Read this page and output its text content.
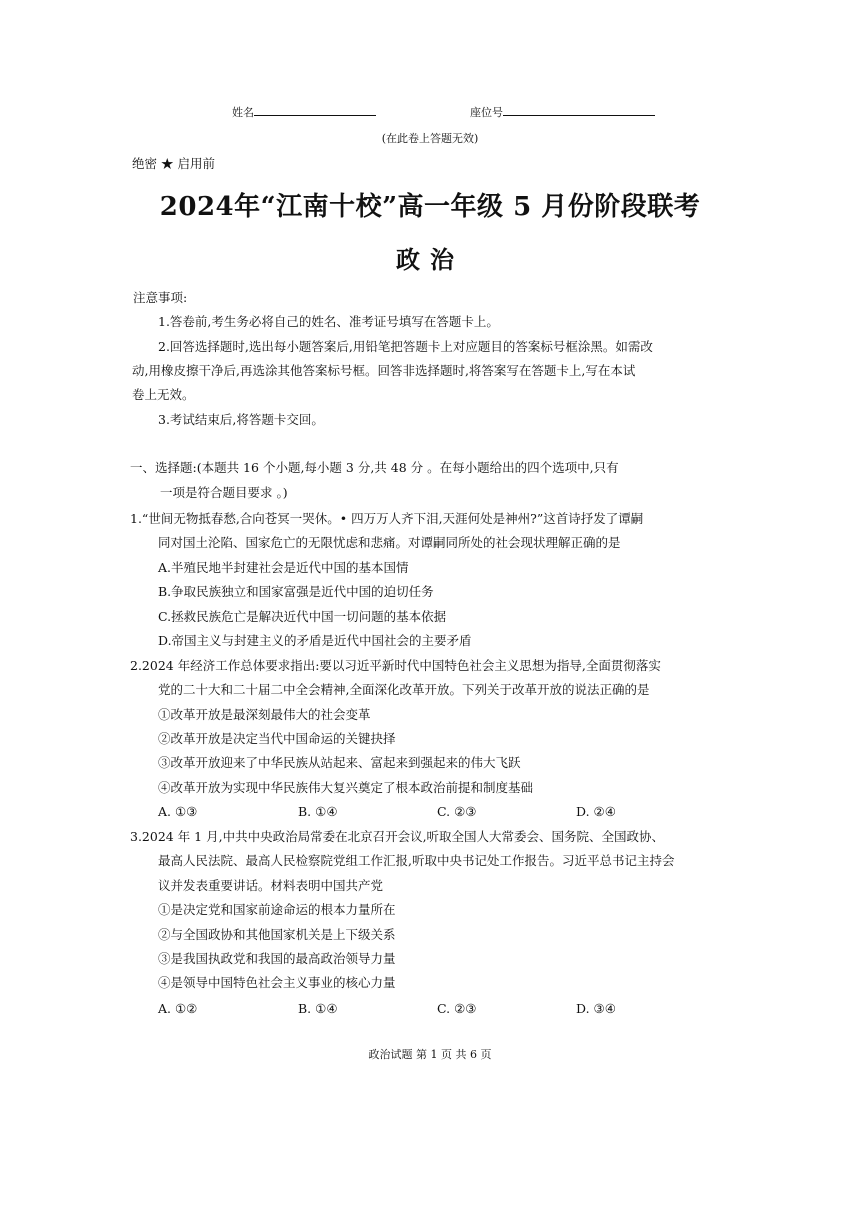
姓名	座位号
(在此卷上答题无效)
绝密 ★ 启用前
2024年“江南十校”高一年级 5 月份阶段联考
政治
注意事项:
1.答卷前,考生务必将自己的姓名、准考证号填写在答题卡上。
2.回答选择题时,选出每小题答案后,用铅笔把答题卡上对应题目的答案标号框涂黑。如需改
动,用橡皮擦干净后,再选涂其他答案标号框。回答非选择题时,将答案写在答题卡上,写在本试
卷上无效。
3.考试结束后,将答题卡交回。
一、选择题:(本题共 16 个小题,每小题 3 分,共 48 分 。在每小题给出的四个选项中,只有
一项是符合题目要求 。)
1.“世间无物抵春愁,合向苍冥一哭休。• 四万万人齐下泪,天涯何处是神州?”这首诗抒发了谭嗣
同对国土沦陷、国家危亡的无限忧虑和悲痛。对谭嗣同所处的社会现状理解正确的是
A.半殖民地半封建社会是近代中国的基本国情
B.争取民族独立和国家富强是近代中国的迫切任务
C.拯救民族危亡是解决近代中国一切问题的基本依据
D.帝国主义与封建主义的矛盾是近代中国社会的主要矛盾
2.2024 年经济工作总体要求指出:要以习近平新时代中国特色社会主义思想为指导,全面贯彻落实
党的二十大和二十届二中全会精神,全面深化改革开放。下列关于改革开放的说法正确的是
①改革开放是最深刻最伟大的社会变革
②改革开放是决定当代中国命运的关键抉择
③改革开放迎来了中华民族从站起来、富起来到强起来的伟大飞跃
④改革开放为实现中华民族伟大复兴奠定了根本政治前提和制度基础
A. ①③	B. ①④	C. ②③	D. ②④
3.2024 年 1 月,中共中央政治局常委在北京召开会议,听取全国人大常委会、国务院、全国政协、
最高人民法院、最高人民检察院党组工作汇报,听取中央书记处工作报告。习近平总书记主持会
议并发表重要讲话。材料表明中国共产党
①是决定党和国家前途命运的根本力量所在
②与全国政协和其他国家机关是上下级关系
③是我国执政党和我国的最高政治领导力量
④是领导中国特色社会主义事业的核心力量
A. ①②	B. ①④	C. ②③	D. ③④
政治试题 第 1 页 共 6 页
